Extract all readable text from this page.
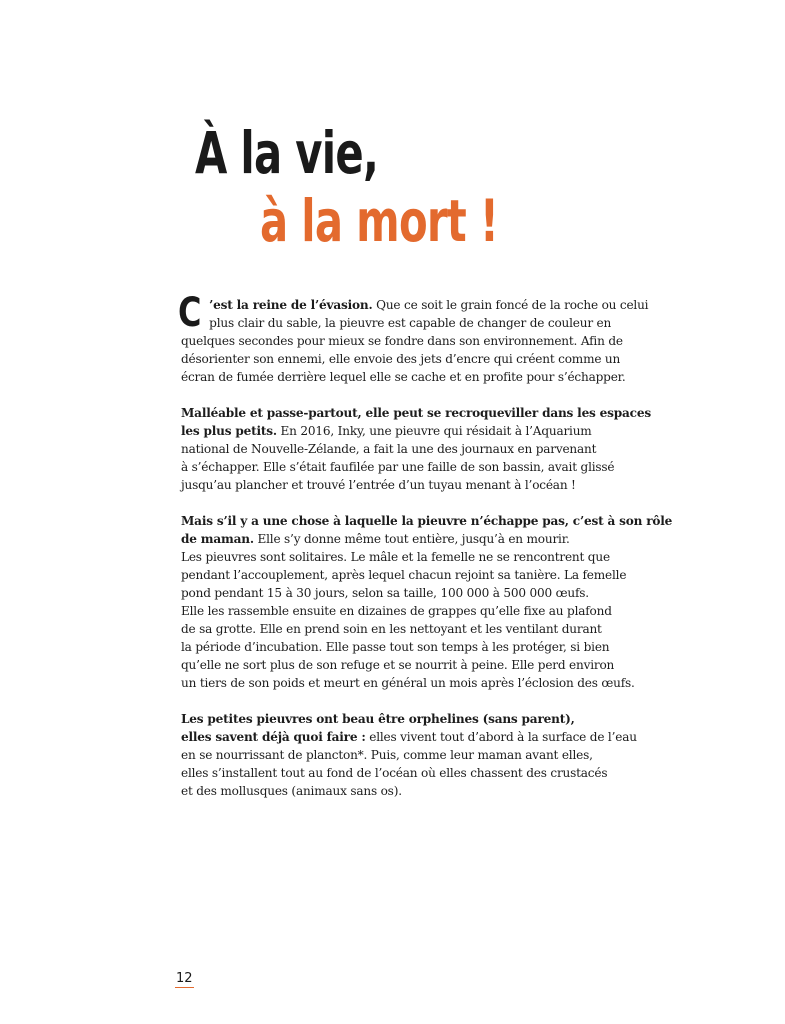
À la vie,
à la mort !

C ’est la reine de l’évasion. Que ce soit le grain foncé de la roche ou celui
plus clair du sable, la pieuvre est capable de changer de couleur en
quelques secondes pour mieux se fondre dans son environnement. Afin de
désorienter son ennemi, elle envoie des jets d’encre qui créent comme un
écran de fumée derrière lequel elle se cache et en profite pour s’échapper.

Malléable et passe-partout, elle peut se recroqueviller dans les espaces
les plus petits. En 2016, Inky, une pieuvre qui résidait à l’Aquarium
national de Nouvelle-Zélande, a fait la une des journaux en parvenant
à s’échapper. Elle s’était faufilée par une faille de son bassin, avait glissé
jusqu’au plancher et trouvé l’entrée d’un tuyau menant à l’océan !

Mais s’il y a une chose à laquelle la pieuvre n’échappe pas, c’est à son rôle
de maman. Elle s’y donne même tout entière, jusqu’à en mourir.
Les pieuvres sont solitaires. Le mâle et la femelle ne se rencontrent que
pendant l’accouplement, après lequel chacun rejoint sa tanière. La femelle
pond pendant 15 à 30 jours, selon sa taille, 100 000 à 500 000 œufs.
Elle les rassemble ensuite en dizaines de grappes qu’elle fixe au plafond
de sa grotte. Elle en prend soin en les nettoyant et les ventilant durant
la période d’incubation. Elle passe tout son temps à les protéger, si bien
qu’elle ne sort plus de son refuge et se nourrit à peine. Elle perd environ
un tiers de son poids et meurt en général un mois après l’éclosion des œufs.

Les petites pieuvres ont beau être orphelines (sans parent),
elles savent déjà quoi faire : elles vivent tout d’abord à la surface de l’eau
en se nourrissant de plancton*. Puis, comme leur maman avant elles,
elles s’installent tout au fond de l’océan où elles chassent des crustacés
et des mollusques (animaux sans os).

12
